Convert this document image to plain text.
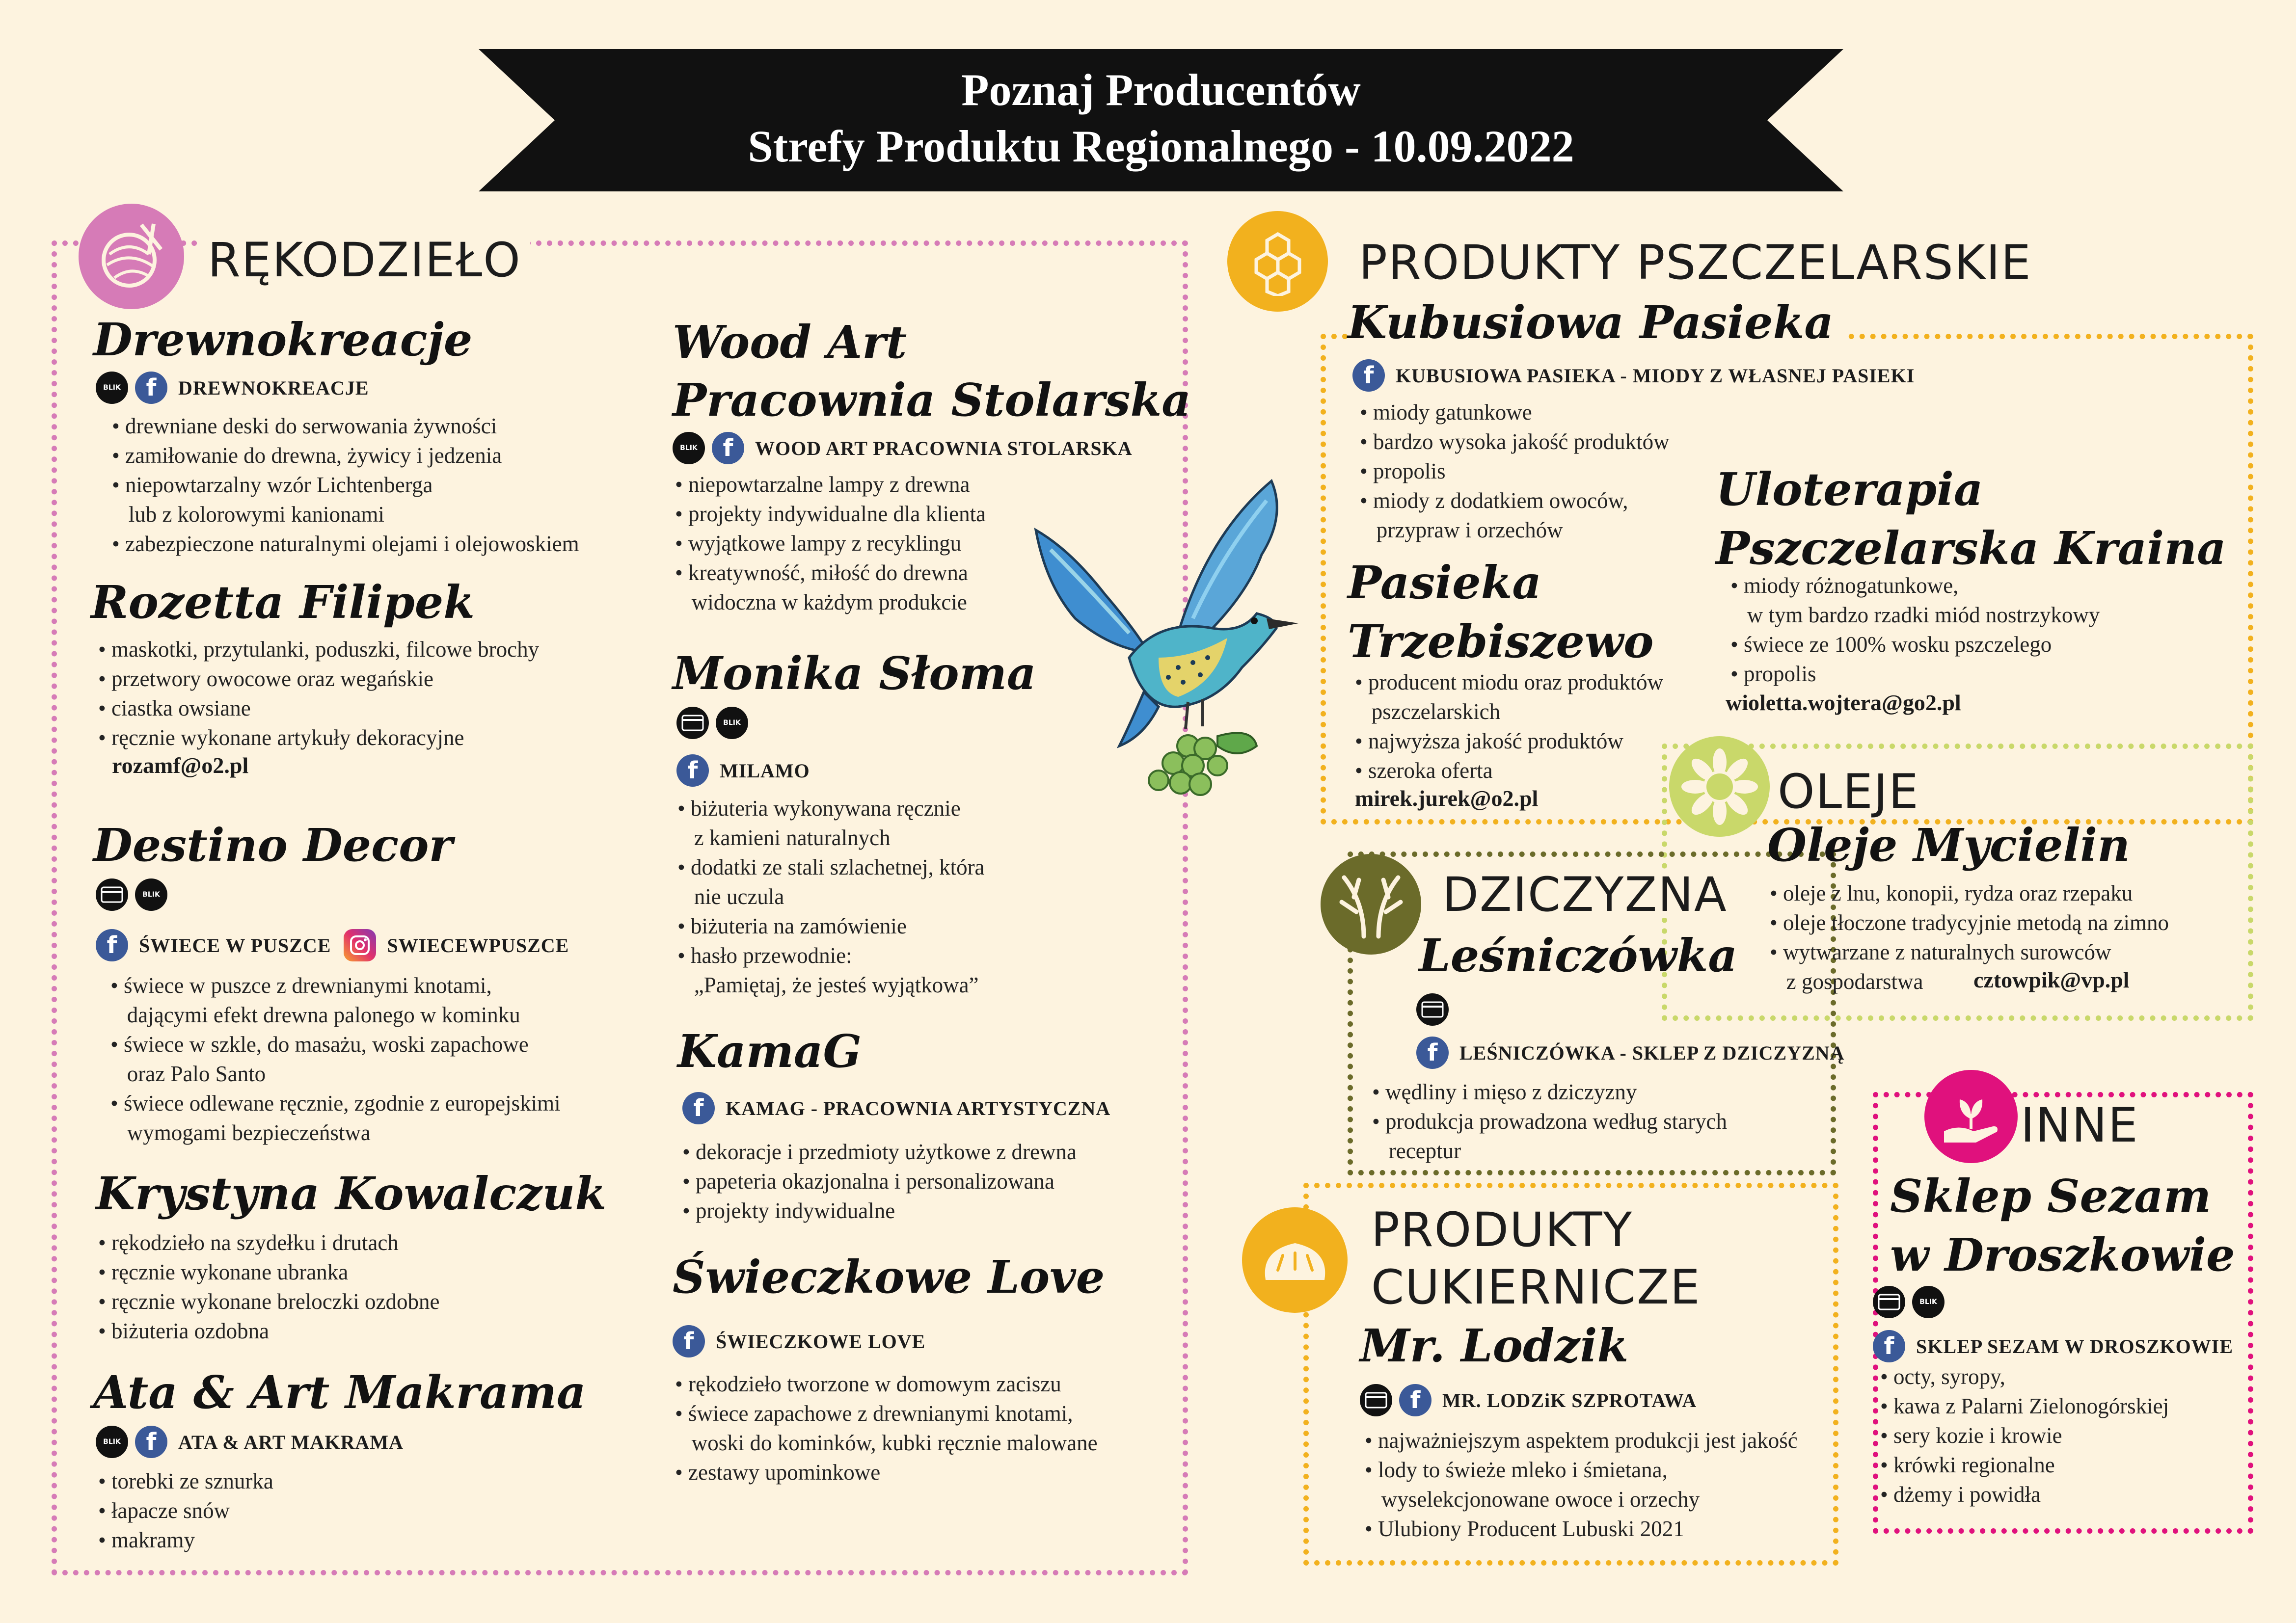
Poznaj Producentów
Strefy Produktu Regionalnego - 10.09.2022
RĘKODZIEŁO	PRODUKTY PSZCZELARSKIE
OLEJE
DZICZYZNA
PRODUKTY
CUKIERNICZE
INNE
Drewnokreacje
BLIK	f	DREWNOKREACJE
• drewniane deski do serwowania żywności
• zamiłowanie do drewna, żywicy i jedzenia
• niepowtarzalny wzór Lichtenberga
lub z kolorowymi kanionami
• zabezpieczone naturalnymi olejami i olejowoskiem
Rozetta Filipek
• maskotki, przytulanki, poduszki, filcowe brochy
• przetwory owocowe oraz wegańskie
• ciastka owsiane
• ręcznie wykonane artykuły dekoracyjne
rozamf@o2.pl
Destino Decor
BLIK
f	ŚWIECE W PUSZCE	SWIECEWPUSZCE
• świece w puszce z drewnianymi knotami,
dającymi efekt drewna palonego w kominku
• świece w szkle, do masażu, woski zapachowe
oraz Palo Santo
• świece odlewane ręcznie, zgodnie z europejskimi
wymogami bezpieczeństwa
Krystyna Kowalczuk
• rękodzieło na szydełku i drutach
• ręcznie wykonane ubranka
• ręcznie wykonane breloczki ozdobne
• biżuteria ozdobna
Ata & Art Makrama
BLIK	f	ATA & ART MAKRAMA
• torebki ze sznurka
• łapacze snów
• makramy
Wood Art
Pracownia Stolarska
BLIK	f	WOOD ART PRACOWNIA STOLARSKA
• niepowtarzalne lampy z drewna
• projekty indywidualne dla klienta
• wyjątkowe lampy z recyklingu
• kreatywność, miłość do drewna
widoczna w każdym produkcie
Monika Słoma
BLIK
f	MILAMO
• biżuteria wykonywana ręcznie
z kamieni naturalnych
• dodatki ze stali szlachetnej, która
nie uczula
• biżuteria na zamówienie
• hasło przewodnie:
„Pamiętaj, że jesteś wyjątkowa”
KamaG
f	KAMAG - PRACOWNIA ARTYSTYCZNA
• dekoracje i przedmioty użytkowe z drewna
• papeteria okazjonalna i personalizowana
• projekty indywidualne
Świeczkowe Love
f	ŚWIECZKOWE LOVE
• rękodzieło tworzone w domowym zaciszu
• świece zapachowe z drewnianymi knotami,
woski do kominków, kubki ręcznie malowane
• zestawy upominkowe
Kubusiowa Pasieka
f	KUBUSIOWA PASIEKA - MIODY Z WŁASNEJ PASIEKI
• miody gatunkowe
• bardzo wysoka jakość produktów
• propolis
• miody z dodatkiem owoców,
przypraw i orzechów
Pasieka
Trzebiszewo
• producent miodu oraz produktów
pszczelarskich
• najwyższa jakość produktów
• szeroka oferta
mirek.jurek@o2.pl
Uloterapia
Pszczelarska Kraina
• miody różnogatunkowe,
w tym bardzo rzadki miód nostrzykowy
• świece ze 100% wosku pszczelego
• propolis
wioletta.wojtera@go2.pl
Oleje Mycielin
• oleje z lnu, konopii, rydza oraz rzepaku
• oleje tłoczone tradycyjnie metodą na zimno
• wytwarzane z naturalnych surowców
z gospodarstwa	cztowpik@vp.pl
Leśniczówka
f	LEŚNICZÓWKA - SKLEP Z DZICZYZNĄ
• wędliny i mięso z dziczyzny
• produkcja prowadzona według starych
receptur
Mr. Lodzik
f	MR. LODZiK SZPROTAWA
• najważniejszym aspektem produkcji jest jakość
• lody to świeże mleko i śmietana,
wyselekcjonowane owoce i orzechy
• Ulubiony Producent Lubuski 2021
Sklep Sezam
w Droszkowie
BLIK
f	SKLEP SEZAM W DROSZKOWIE
• octy, syropy,
• kawa z Palarni Zielonogórskiej
• sery kozie i krowie
• krówki regionalne
• dżemy i powidła
